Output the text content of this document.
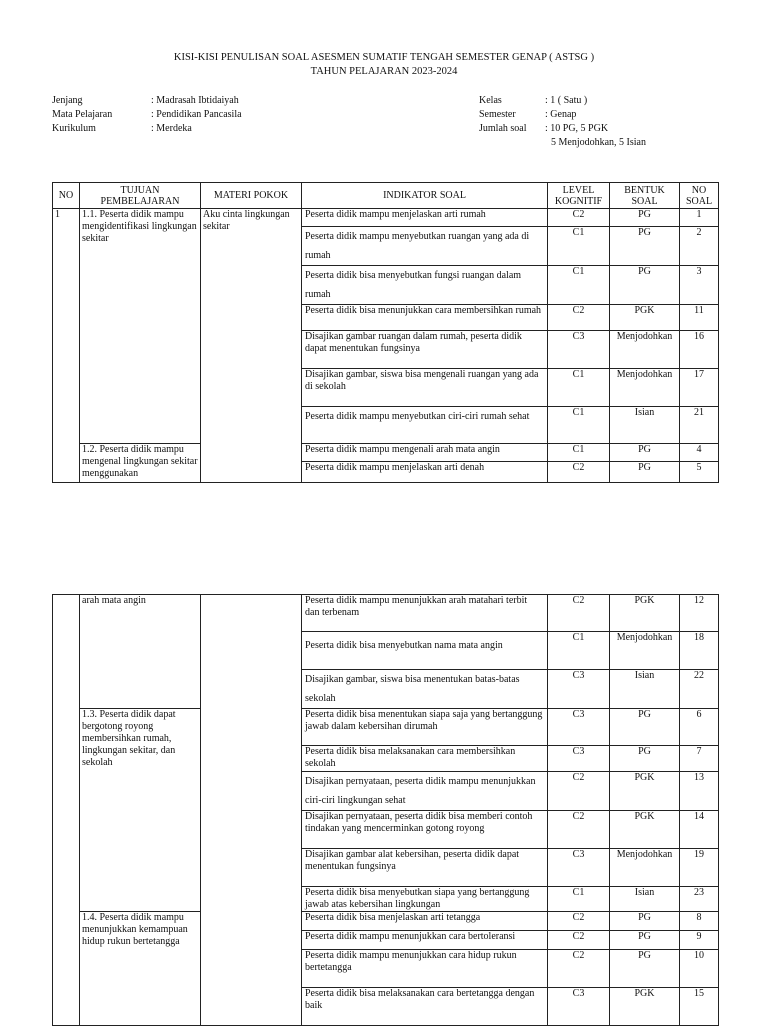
KISI-KISI PENULISAN SOAL ASESMEN SUMATIF TENGAH SEMESTER GENAP ( ASTSG )
TAHUN PELAJARAN 2023-2024
Jenjang	: Madrasah Ibtidaiyah
Mata Pelajaran	: Pendidikan Pancasila
Kurikulum	: Merdeka
Kelas	: 1 ( Satu )
Semester	: Genap
Jumlah soal	: 10 PG, 5 PGK
5 Menjodohkan, 5 Isian
NO	TUJUAN PEMBELAJARAN	MATERI POKOK	INDIKATOR SOAL	LEVEL KOGNITIF	BENTUK SOAL	NO SOAL
1	1.1. Peserta didik mampu mengidentifikasi lingkungan sekitar	Aku cinta lingkungan sekitar	Peserta didik mampu menjelaskan arti rumah	C2	PG	1
			Peserta didik mampu menyebutkan ruangan yang ada di rumah	C1	PG	2
			Peserta didik bisa menyebutkan fungsi ruangan dalam rumah	C1	PG	3
			Peserta didik bisa menunjukkan cara membersihkan rumah	C2	PGK	11
			Disajikan gambar ruangan dalam rumah, peserta didik dapat menentukan fungsinya	C3	Menjodohkan	16
			Disajikan gambar, siswa bisa mengenali ruangan yang ada di sekolah	C1	Menjodohkan	17
			Peserta didik mampu menyebutkan ciri-ciri rumah sehat	C1	Isian	21
	1.2. Peserta didik mampu mengenal lingkungan sekitar menggunakan		Peserta didik mampu mengenali arah mata angin	C1	PG	4
			Peserta didik mampu menjelaskan arti denah	C2	PG	5
	arah mata angin		Peserta didik mampu menunjukkan arah matahari terbit dan terbenam	C2	PGK	12
			Peserta didik bisa menyebutkan nama mata angin	C1	Menjodohkan	18
			Disajikan gambar, siswa bisa menentukan batas-batas sekolah	C3	Isian	22
	1.3. Peserta didik dapat bergotong royong membersihkan rumah, lingkungan sekitar, dan sekolah		Peserta didik bisa menentukan siapa saja yang bertanggung jawab dalam kebersihan dirumah	C3	PG	6
			Peserta didik bisa melaksanakan cara membersihkan sekolah	C3	PG	7
			Disajikan pernyataan, peserta didik mampu menunjukkan ciri-ciri lingkungan sehat	C2	PGK	13
			Disajikan pernyataan, peserta didik bisa memberi contoh tindakan yang mencerminkan gotong royong	C2	PGK	14
			Disajikan gambar alat kebersihan, peserta didik dapat menentukan fungsinya	C3	Menjodohkan	19
			Peserta didik bisa menyebutkan siapa yang bertanggung jawab atas kebersihan lingkungan	C1	Isian	23
	1.4. Peserta didik mampu menunjukkan kemampuan hidup rukun bertetangga		Peserta didik bisa menjelaskan arti tetangga	C2	PG	8
			Peserta didik mampu menunjukkan cara bertoleransi	C2	PG	9
			Peserta didik mampu menunjukkan cara hidup rukun bertetangga	C2	PG	10
			Peserta didik bisa melaksanakan cara bertetangga dengan baik	C3	PGK	15
